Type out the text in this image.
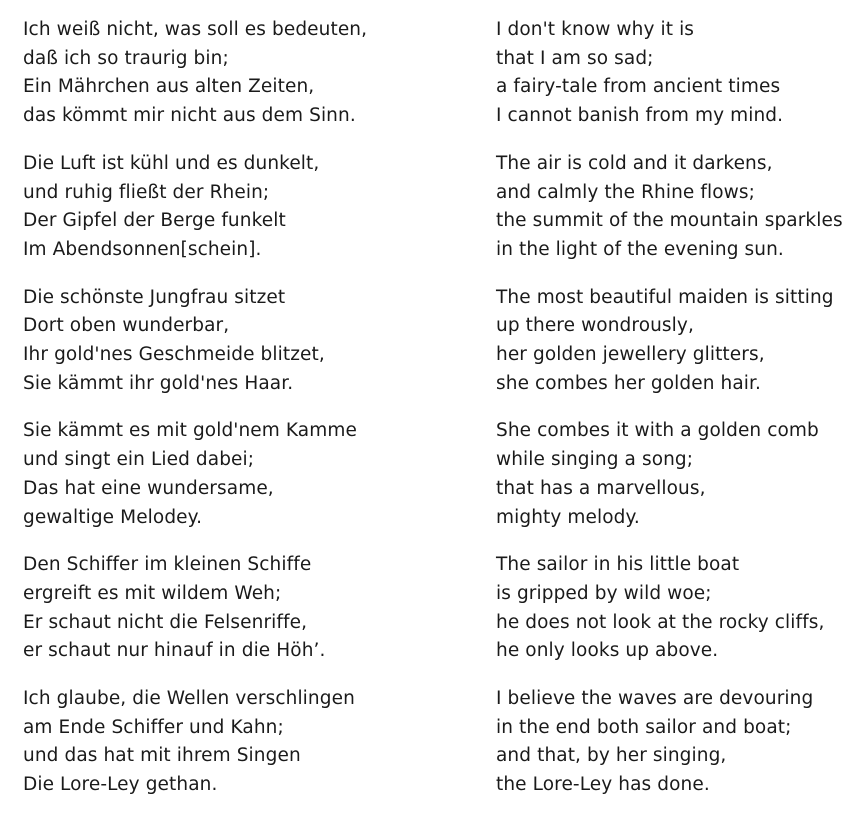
Ich weiß nicht, was soll es bedeuten,
daß ich so traurig bin;
Ein Mährchen aus alten Zeiten,
das kömmt mir nicht aus dem Sinn.
Die Luft ist kühl und es dunkelt,
und ruhig fließt der Rhein;
Der Gipfel der Berge funkelt
Im Abendsonnen[schein].
Die schönste Jungfrau sitzet
Dort oben wunderbar,
Ihr gold'nes Geschmeide blitzet,
Sie kämmt ihr gold'nes Haar.
Sie kämmt es mit gold'nem Kamme
und singt ein Lied dabei;
Das hat eine wundersame,
gewaltige Melodey.
Den Schiffer im kleinen Schiffe
ergreift es mit wildem Weh;
Er schaut nicht die Felsenriffe,
er schaut nur hinauf in die Höh’.
Ich glaube, die Wellen verschlingen
am Ende Schiffer und Kahn;
und das hat mit ihrem Singen
Die Lore-Ley gethan.
I don't know why it is
that I am so sad;
a fairy-tale from ancient times
I cannot banish from my mind.
The air is cold and it darkens,
and calmly the Rhine flows;
the summit of the mountain sparkles
in the light of the evening sun.
The most beautiful maiden is sitting
up there wondrously,
her golden jewellery glitters,
she combes her golden hair.
She combes it with a golden comb
while singing a song;
that has a marvellous,
mighty melody.
The sailor in his little boat
is gripped by wild woe;
he does not look at the rocky cliffs,
he only looks up above.
I believe the waves are devouring
in the end both sailor and boat;
and that, by her singing,
the Lore-Ley has done.
